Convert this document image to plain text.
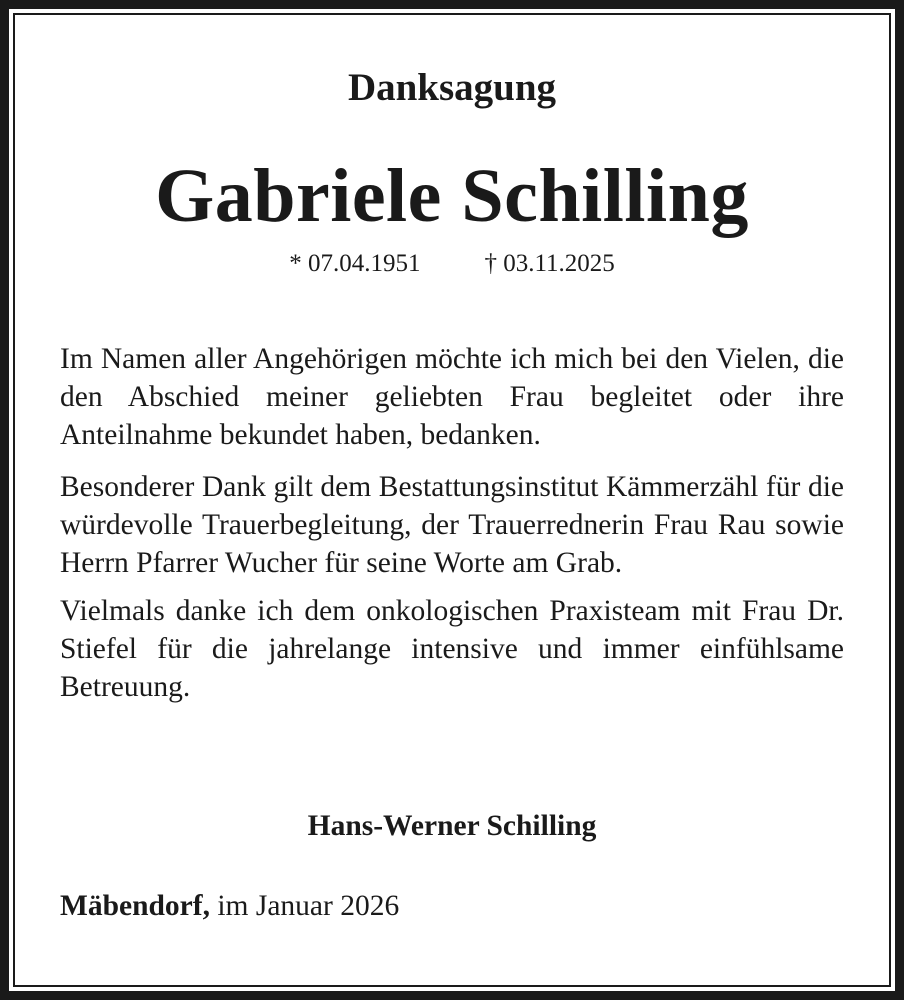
Danksagung
Gabriele Schilling
* 07.04.1951	† 03.11.2025
Im Namen aller Angehörigen möchte ich mich bei den Vielen, die den Abschied meiner geliebten Frau begleitet oder ihre Anteilnahme bekundet haben, bedanken.
Besonderer Dank gilt dem Bestattungsinstitut Kämmerzähl für die würdevolle Trauerbegleitung, der Trauerrednerin Frau Rau sowie Herrn Pfarrer Wucher für seine Worte am Grab.
Vielmals danke ich dem onkologischen Praxisteam mit Frau Dr. Stiefel für die jahrelange intensive und immer einfühlsame Betreuung.
Hans-Werner Schilling
Mäbendorf, im Januar 2026
